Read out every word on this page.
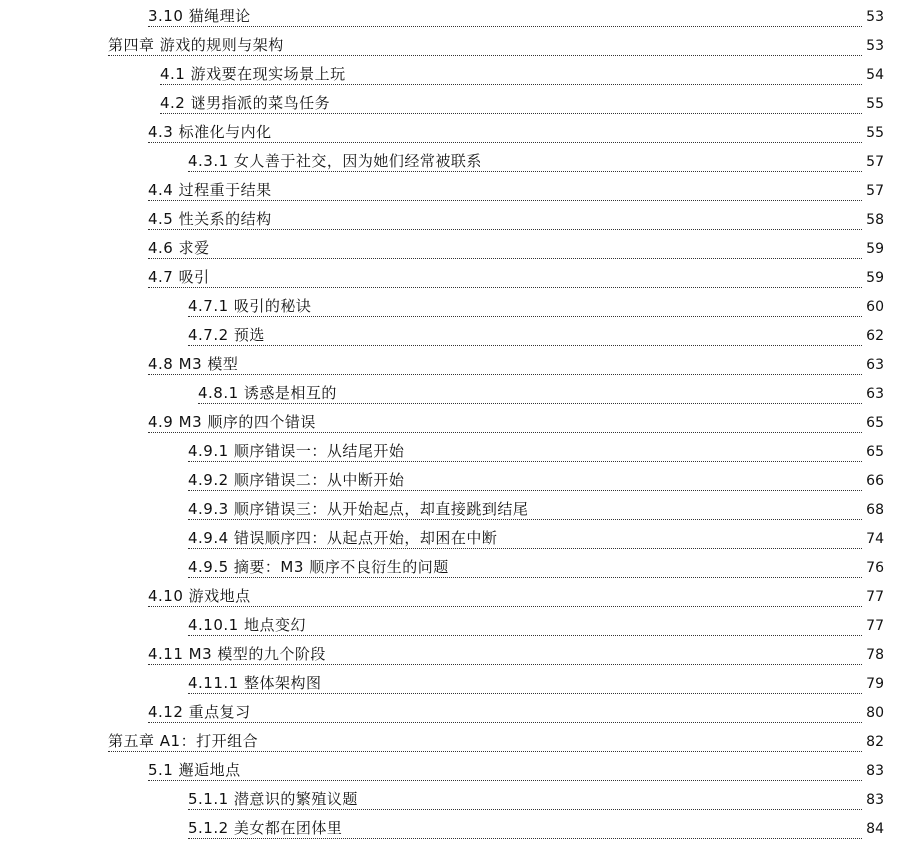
3.10 猫绳理论	53
第四章 游戏的规则与架构	53
4.1 游戏要在现实场景上玩	54
4.2 谜男指派的菜鸟任务	55
4.3 标准化与内化	55
4.3.1 女人善于社交，因为她们经常被联系	57
4.4 过程重于结果	57
4.5 性关系的结构	58
4.6 求爱	59
4.7 吸引	59
4.7.1 吸引的秘诀	60
4.7.2 预选	62
4.8 M3 模型	63
4.8.1 诱惑是相互的	63
4.9 M3 顺序的四个错误	65
4.9.1 顺序错误一：从结尾开始	65
4.9.2 顺序错误二：从中断开始	66
4.9.3 顺序错误三：从开始起点，却直接跳到结尾	68
4.9.4 错误顺序四：从起点开始，却困在中断	74
4.9.5 摘要：M3 顺序不良衍生的问题	76
4.10 游戏地点	77
4.10.1 地点变幻	77
4.11 M3 模型的九个阶段	78
4.11.1 整体架构图	79
4.12 重点复习	80
第五章 A1：打开组合	82
5.1 邂逅地点	83
5.1.1 潜意识的繁殖议题	83
5.1.2 美女都在团体里	84
